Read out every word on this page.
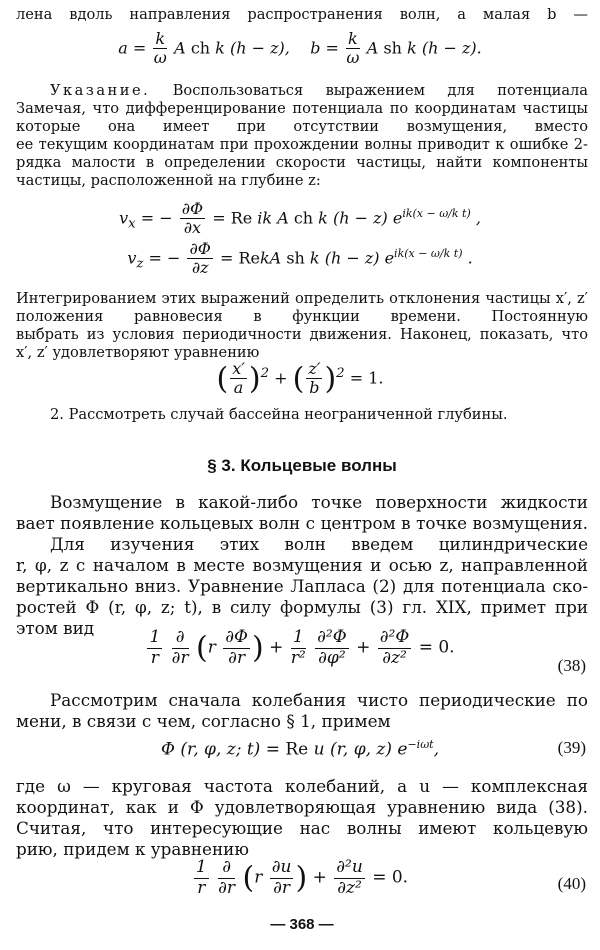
лена вдоль направления распространения волн, а малая b —
$a = \frac{k}{\omega}$ A ch k (h − z),    $b = \frac{k}{\omega}$ A sh k (h − z).
Указание. Воспользоваться выражением для потенциала
Замечая, что дифференцирование потенциала по координатам частицы
которые она имеет при отсутствии возмущения, вместо
ее текущим координатам при прохождении волны приводит к ошибке 2-
рядка малости в определении скорости частицы, найти компоненты
частицы, расположенной на глубине z:
$v_x$ = − $\frac{\partial\Phi}{\partial x} = Re$ ik A ch k (h − z) $e^{ik(x - \omega/k t)}$ ,
$v_z$ = − $\frac{\partial\Phi}{\partial z}$ = RekA sh k (h − z) $e^{ik(x - \omega/k t)}$ .
Интегрированием этих выражений определить отклонения частицы x′, z′
положения равновесия в функции времени. Постоянную
выбрать из условия периодичности движения. Наконец, показать, что
x′, z′ удовлетворяют уравнению
( $\frac{x'}{a} )^2$ + ( $\frac{z'}{b} )^2 = 1$.
2. Рассмотреть случай бассейна неограниченной глубины.
§ 3. Кольцевые волны
Возмущение в какой-либо точке поверхности жидкости
вает появление кольцевых волн с центром в точке возмущения.
Для изучения этих волн введем цилиндрические
r, φ, z с началом в месте возмущения и осью z, направленной
вертикально вниз. Уравнение Лапласа (2) для потенциала ско-
ростей Φ (r, φ, z; t), в силу формулы (3) гл. XIX, примет при
этом вид	$\frac{1}{r}$
$\frac{\partial}{\partial r} (r \frac{\partial\Phi}{\partial r}$ ) + $\frac{1}{\text{r²}}$
$\frac{\text{∂²Φ}}{\text{∂φ²}} + \frac{\text{∂²Φ}}{\text{∂z²}} = 0$.
(38)
Рассмотрим сначала колебания чисто периодические по
мени, в связи с чем, согласно § 1, примем
Φ (r, φ, z; t) = Re u (r, φ, z) $e^{-i\omega t}$,	(39)
где ω — круговая частота колебаний, а u — комплексная
координат, как и Φ удовлетворяющая уравнению вида (38).
Считая, что интересующие нас волны имеют кольцевую
рию, придем к уравнению
$\frac{1}{r}$
$\frac{\partial}{\partial r} (r \frac{\partial u}{\partial r}$ ) + $\frac{\text{∂²u}}{\text{∂z²}} = 0$.	(40)
— 368 —
